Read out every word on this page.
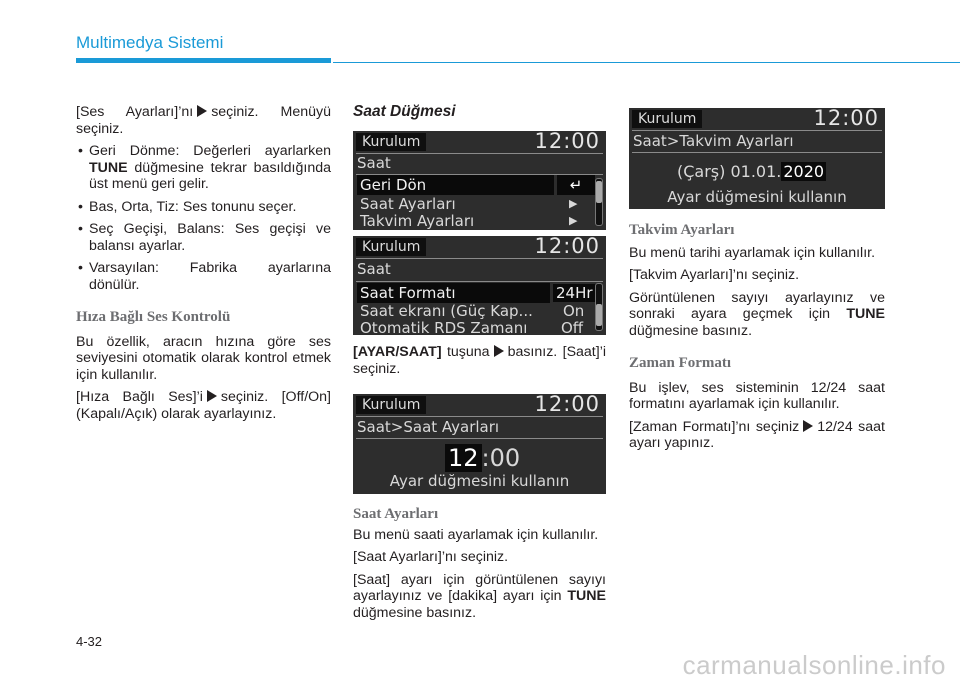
Multimedya Sistemi

[Ses Ayarları]’nı seçiniz. Menüyü seçiniz.

• Geri Dönme: Değerleri ayarlarken TUNE düğmesine tekrar basıldığında üst menü geri gelir.
• Bas, Orta, Tiz: Ses tonunu seçer.
• Seç Geçişi, Balans: Ses geçişi ve balansı ayarlar.
• Varsayılan: Fabrika ayarlarına dönülür.
Hıza Bağlı Ses Kontrolü

Bu özellik, aracın hızına göre ses seviyesini otomatik olarak kontrol etmek için kullanılır.

[Hıza Bağlı Ses]’i seçiniz. [Off/On] (Kapalı/Açık) olarak ayarlayınız.

Saat Düğmesi
Kurulum	12:00
Saat
Geri Dön	↵
Saat Ayarları	▶
Takvim Ayarları	▶
Kurulum	12:00
Saat
Saat Formatı	24Hr
Saat ekranı (Güç Kap... On
Otomatik RDS Zamanı Off

[AYAR/SAAT] tuşuna basınız. [Saat]’i seçiniz.

Kurulum	12:00
Saat>Saat Ayarları
12 :00
Ayar düğmesini kullanın
Saat Ayarları

Bu menü saati ayarlamak için kullanılır.

[Saat Ayarları]’nı seçiniz.

[Saat] ayarı için görüntülenen sayıyı ayarlayınız ve [dakika] ayarı için TUNE düğmesine basınız.

Kurulum	12:00
Saat>Takvim Ayarları
(Çarş) 01.01. 2020
Ayar düğmesini kullanın
Takvim Ayarları

Bu menü tarihi ayarlamak için kullanılır.

[Takvim Ayarları]’nı seçiniz.

Görüntülenen sayıyı ayarlayınız ve sonraki ayara geçmek için TUNE düğmesine basınız.

Zaman Formatı

Bu işlev, ses sisteminin 12/24 saat formatını ayarlamak için kullanılır.

[Zaman Formatı]’nı seçiniz 12/24 saat ayarı yapınız.

4-32
carmanualsonline.info
